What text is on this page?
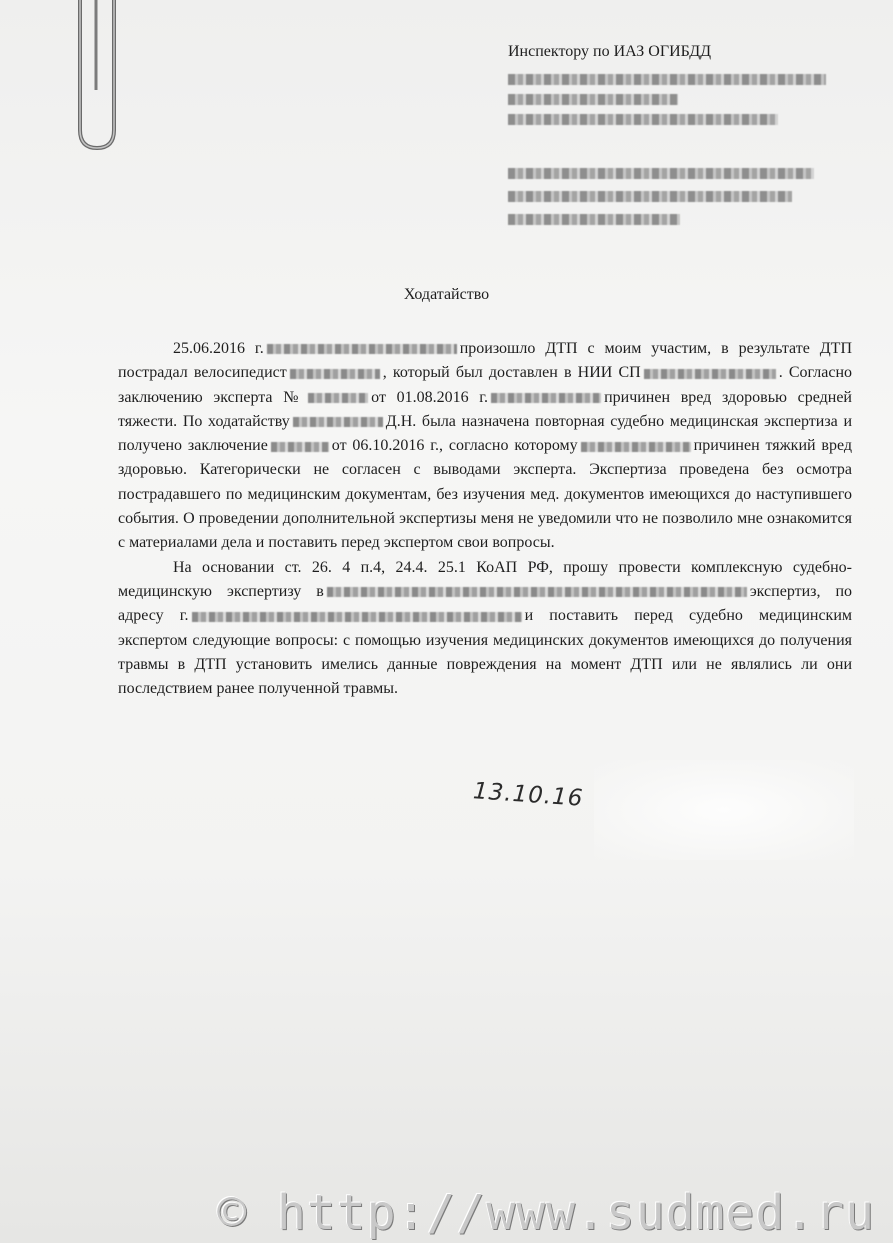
Инспектору по ИАЗ ОГИБДД
Ходатайство

25.06.2016 г.	произошло ДТП с моим участим, в результате ДТП пострадал велосипедист	, который был доставлен в НИИ СП	. Согласно заключению эксперта №	от 01.08.2016 г.	причинен вред здоровью средней тяжести. По ходатайству	Д.Н. была назначена повторная судебно медицинская экспертиза и получено заключение	от 06.10.2016 г., согласно которому	причинен тяжкий вред здоровью. Категорически не согласен с выводами эксперта. Экспертиза проведена без осмотра пострадавшего по медицинским документам, без изучения мед. документов имеющихся до наступившего события. О проведении дополнительной экспертизы меня не уведомили что не позволило мне ознакомится с материалами дела и поставить перед экспертом свои вопросы.

На основании ст. 26. 4 п.4, 24.4. 25.1 КоАП РФ, прошу провести комплексную судебно-медицинскую экспертизу в	экспертиз, по адресу г.	и поставить перед судебно медицинским экспертом следующие вопросы: с помощью изучения медицинских документов имеющихся до получения травмы в ДТП установить имелись данные повреждения на момент ДТП или не являлись ли они последствием ранее полученной травмы.

13.10.16
© http://www.sudmed.ru
